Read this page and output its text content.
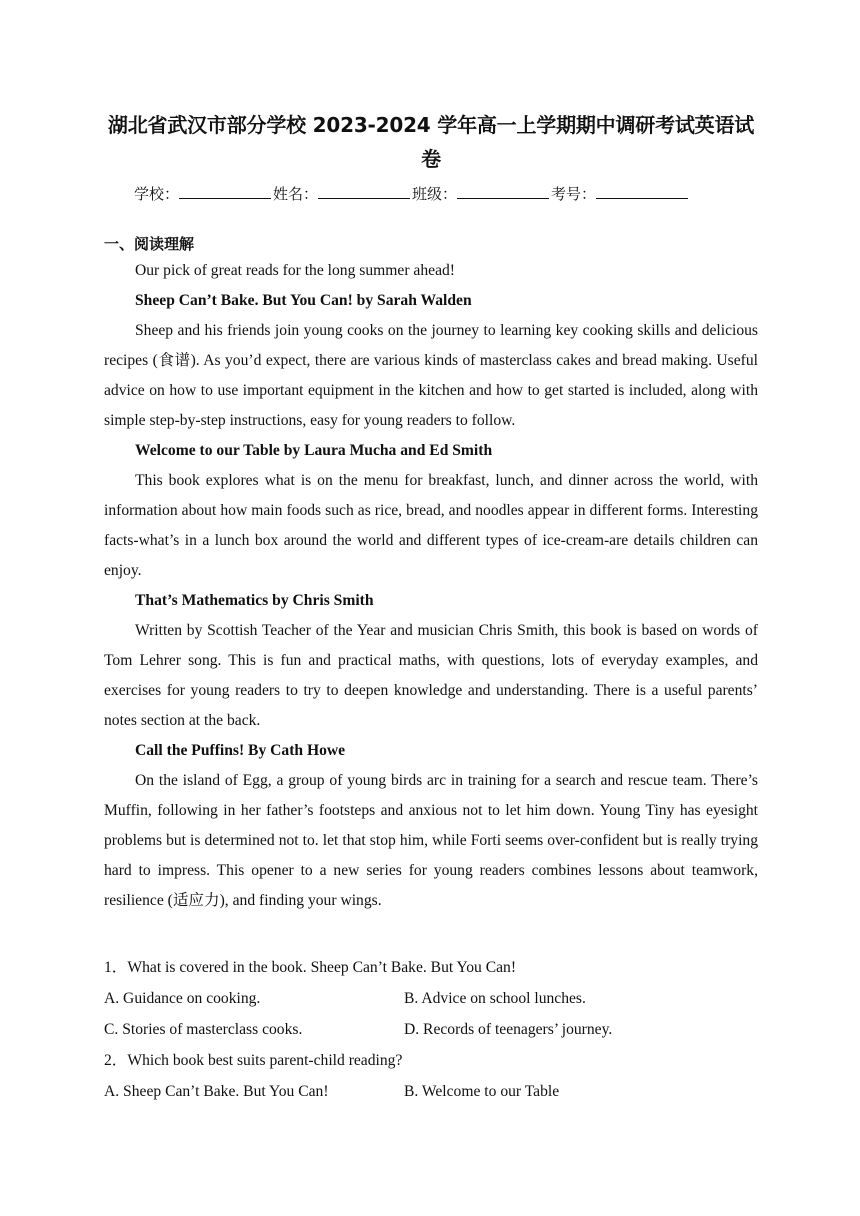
湖北省武汉市部分学校 2023-2024 学年高一上学期期中调研考试英语试卷
学校：	姓名：	班级：	考号：
一、阅读理解

Our pick of great reads for the long summer ahead!

Sheep Can’t Bake. But You Can! by Sarah Walden

Sheep and his friends join young cooks on the journey to learning key cooking skills and delicious recipes (食谱). As you’d expect, there are various kinds of masterclass cakes and bread making. Useful advice on how to use important equipment in the kitchen and how to get started is included, along with simple step-by-step instructions, easy for young readers to follow.

Welcome to our Table by Laura Mucha and Ed Smith

This book explores what is on the menu for breakfast, lunch, and dinner across the world, with information about how main foods such as rice, bread, and noodles appear in different forms. Interesting facts-what’s in a lunch box around the world and different types of ice-cream-are details children can enjoy.

That’s Mathematics by Chris Smith

Written by Scottish Teacher of the Year and musician Chris Smith, this book is based on words of Tom Lehrer song. This is fun and practical maths, with questions, lots of everyday examples, and exercises for young readers to try to deepen knowledge and understanding. There is a useful parents’ notes section at the back.

Call the Puffins! By Cath Howe

On the island of Egg, a group of young birds arc in training for a search and rescue team. There’s Muffin, following in her father’s footsteps and anxious not to let him down. Young Tiny has eyesight problems but is determined not to. let that stop him, while Forti seems over-confident but is really trying hard to impress. This opener to a new series for young readers combines lessons about teamwork, resilience (适应力), and finding your wings.

1．What is covered in the book. Sheep Can’t Bake. But You Can!

A. Guidance on cooking.	B. Advice on school lunches.
C. Stories of masterclass cooks.	D. Records of teenagers’ journey.

2．Which book best suits parent-child reading?

A. Sheep Can’t Bake. But You Can!	B. Welcome to our Table
